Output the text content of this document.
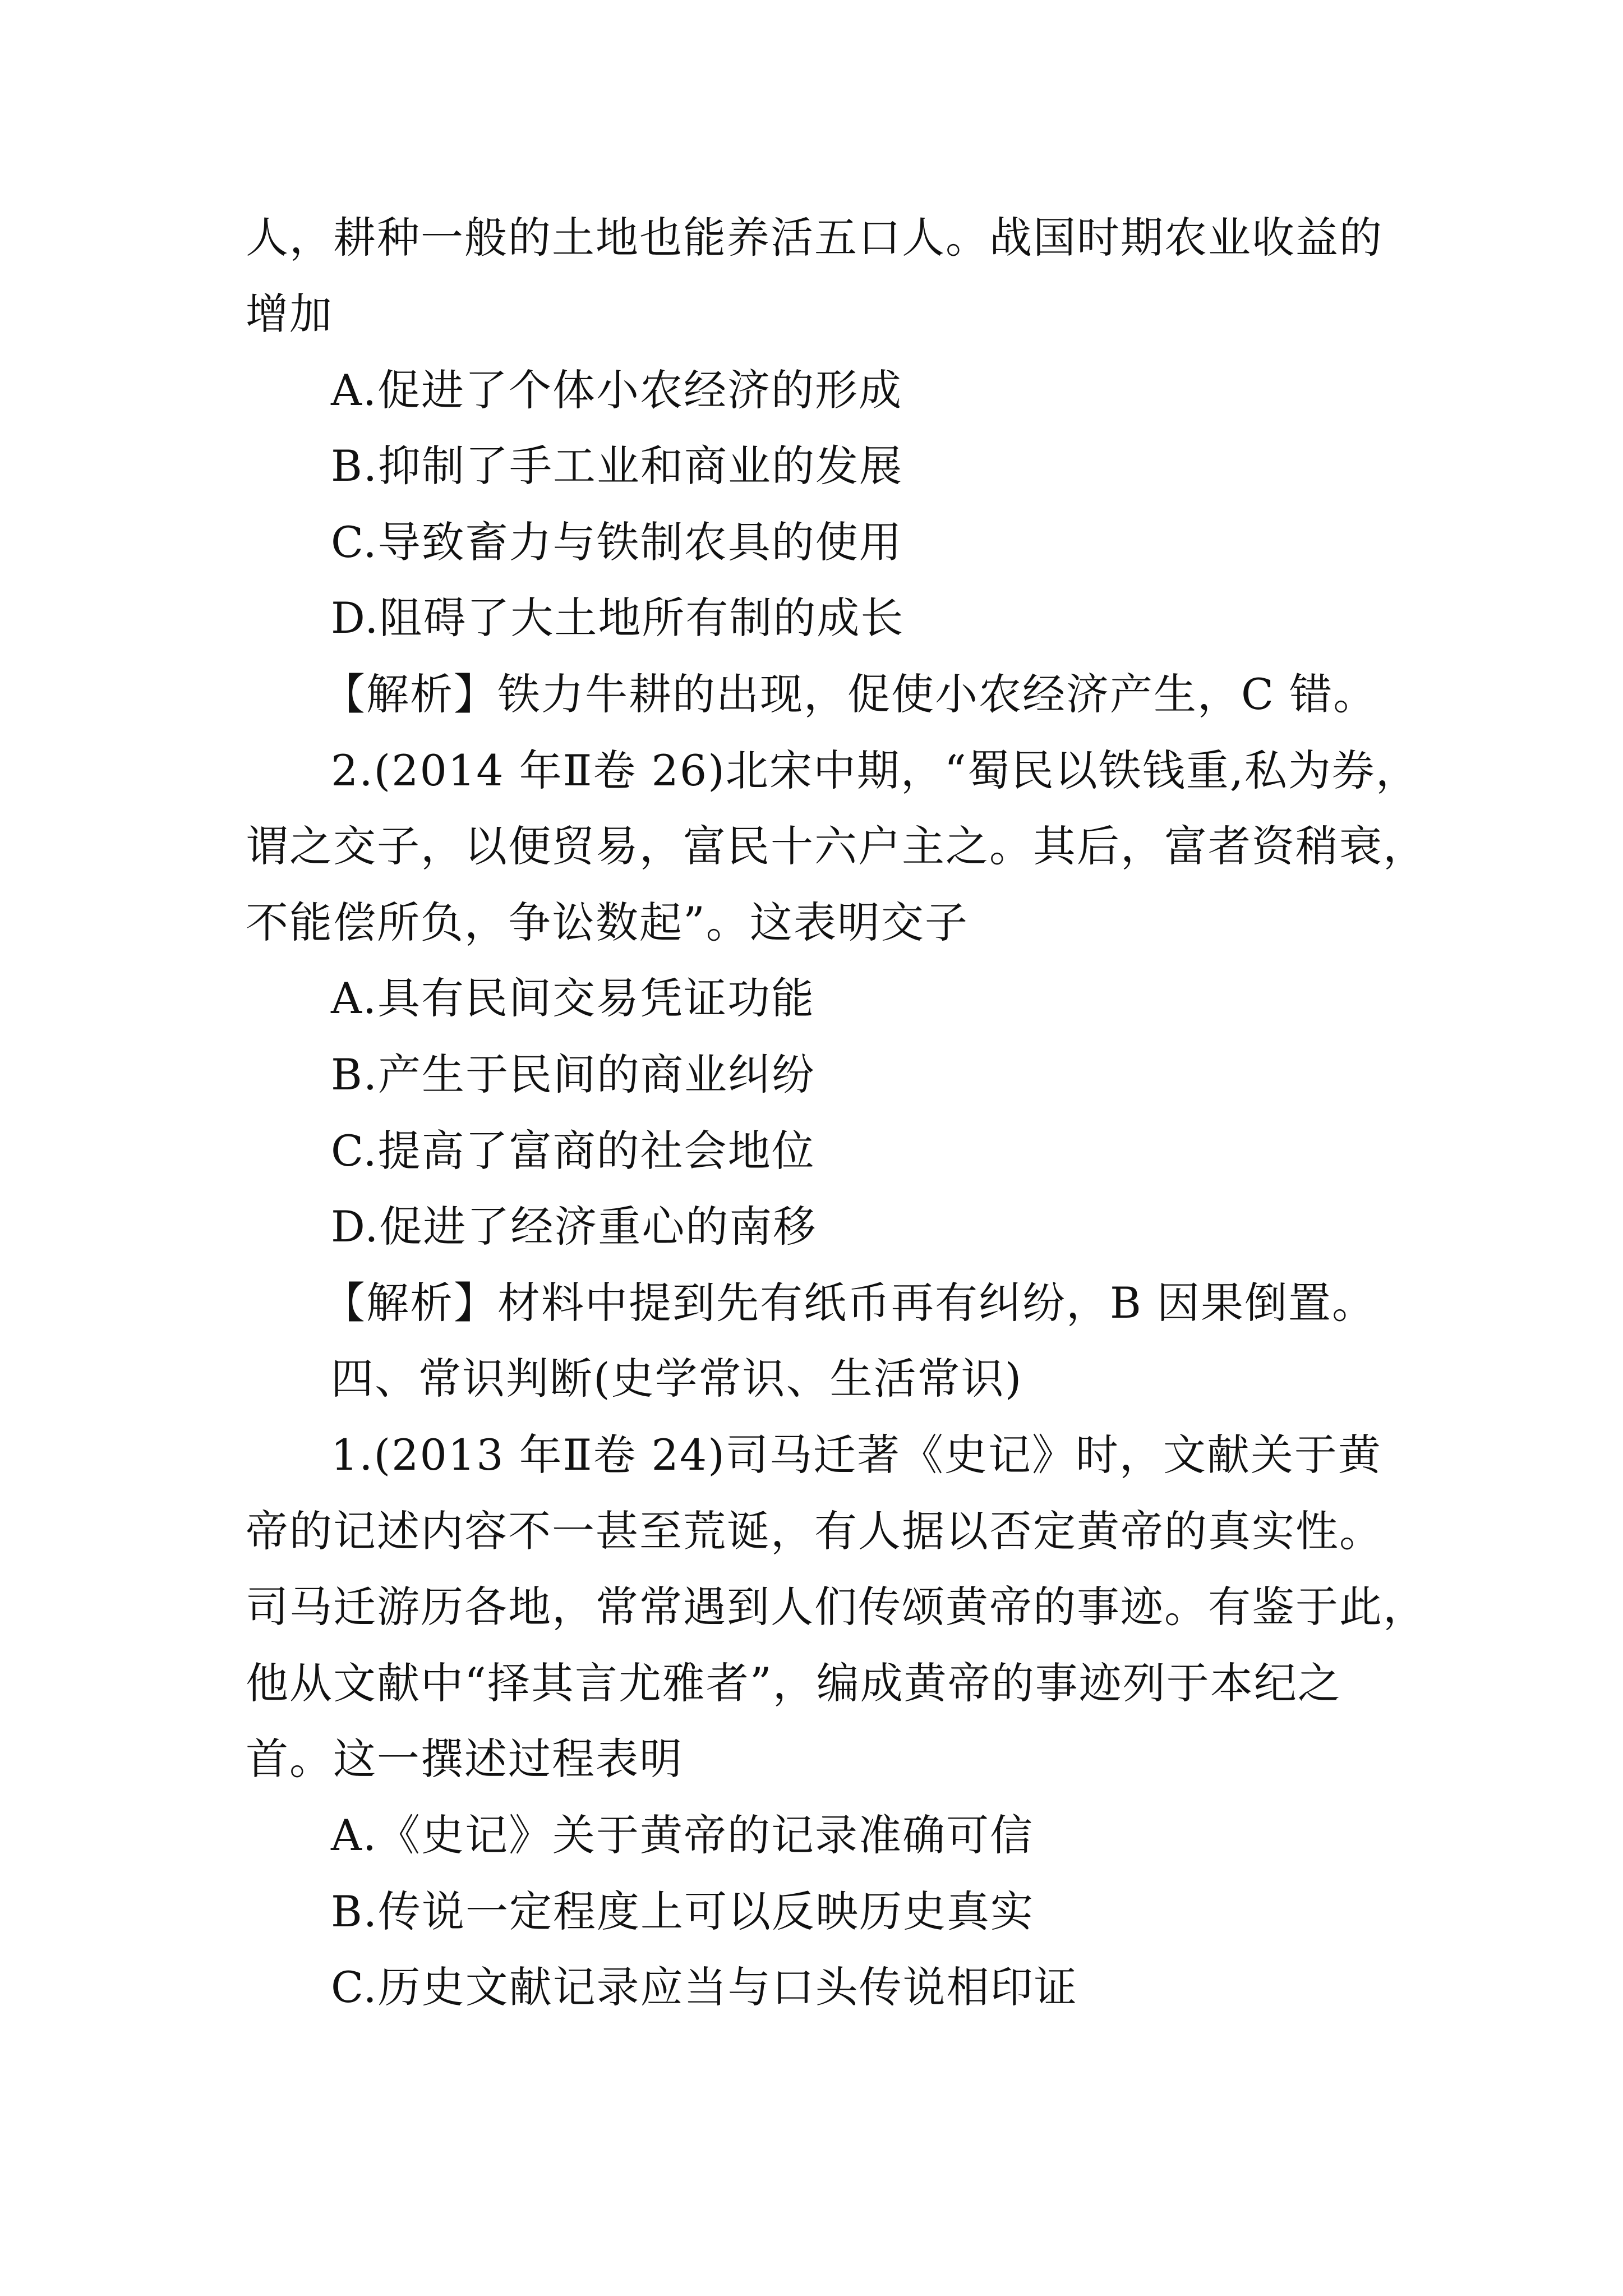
人，耕种一般的土地也能养活五口人。战国时期农业收益的
增加
A.促进了个体小农经济的形成
B.抑制了手工业和商业的发展
C.导致畜力与铁制农具的使用
D.阻碍了大土地所有制的成长
【解析】铁力牛耕的出现，促使小农经济产生，C 错。
2.(2014 年Ⅱ卷 26)北宋中期，“蜀民以铁钱重,私为券，
谓之交子，以便贸易，富民十六户主之。其后，富者资稍衰，
不能偿所负，争讼数起”。这表明交子
A.具有民间交易凭证功能
B.产生于民间的商业纠纷
C.提高了富商的社会地位
D.促进了经济重心的南移
【解析】材料中提到先有纸币再有纠纷，B 因果倒置。
四、常识判断(史学常识、生活常识)
1.(2013 年Ⅱ卷 24)司马迁著《史记》时，文献关于黄
帝的记述内容不一甚至荒诞，有人据以否定黄帝的真实性。
司马迁游历各地，常常遇到人们传颂黄帝的事迹。有鉴于此，
他从文献中“择其言尤雅者”，编成黄帝的事迹列于本纪之
首。这一撰述过程表明
A.《史记》关于黄帝的记录准确可信
B.传说一定程度上可以反映历史真实
C.历史文献记录应当与口头传说相印证
